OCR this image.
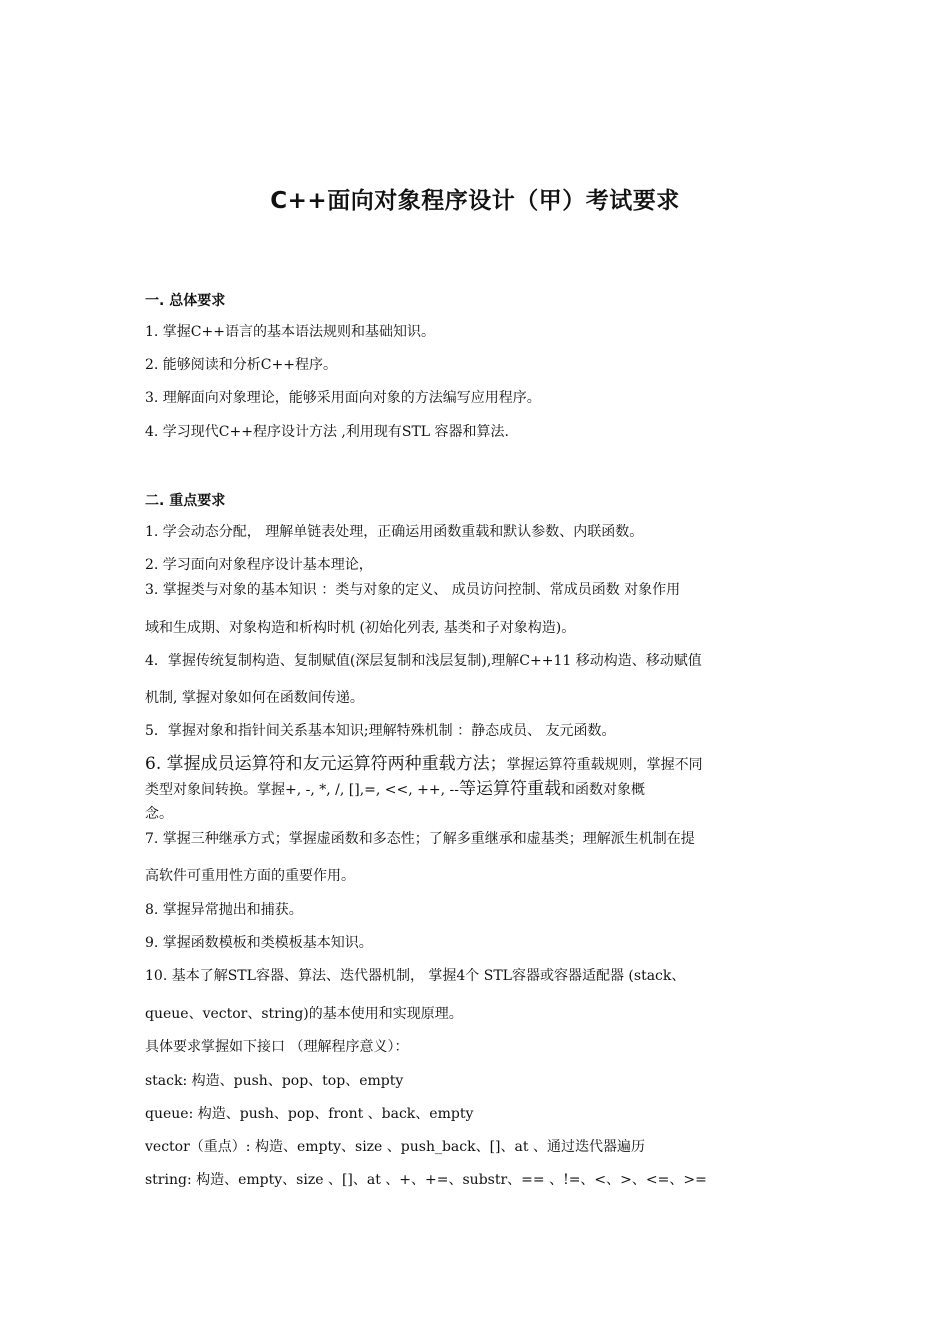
C++面向对象程序设计（甲）考试要求
一. 总体要求
1. 掌握C++语言的基本语法规则和基础知识。
2. 能够阅读和分析C++程序。
3. 理解面向对象理论，能够采用面向对象的方法编写应用程序。
4. 学习现代C++程序设计方法 ,利用现有STL 容器和算法.
二. 重点要求
1. 学会动态分配， 理解单链表处理，正确运用函数重载和默认参数、内联函数。
2. 学习面向对象程序设计基本理论，
3. 掌握类与对象的基本知识 ：类与对象的定义、 成员访问控制、常成员函数 对象作用
域和生成期、对象构造和析构时机 (初始化列表, 基类和子对象构造)。
4．掌握传统复制构造、复制赋值(深层复制和浅层复制),理解C++11 移动构造、移动赋值
机制, 掌握对象如何在函数间传递。
5．掌握对象和指针间关系基本知识;理解特殊机制 ：静态成员、 友元函数。
6. 掌握成员运算符和友元运算符两种重载方法；掌握运算符重载规则，掌握不同
类型对象间转换。掌握+, -, *, /, [],=, <<, ++, --等运算符重载和函数对象概
念。
7. 掌握三种继承方式；掌握虚函数和多态性；了解多重继承和虚基类；理解派生机制在提
高软件可重用性方面的重要作用。
8. 掌握异常抛出和捕获。
9. 掌握函数模板和类模板基本知识。
10. 基本了解STL容器、算法、迭代器机制， 掌握4个 STL容器或容器适配器 (stack、
queue、vector、string)的基本使用和实现原理。
具体要求掌握如下接口 （理解程序意义）：
stack: 构造、push、pop、top、empty
queue: 构造、push、pop、front 、back、empty
vector（重点）: 构造、empty、size 、push_back、[]、at 、通过迭代器遍历
string: 构造、empty、size 、[]、at 、+、+=、substr、== 、!=、<、>、<=、>=
